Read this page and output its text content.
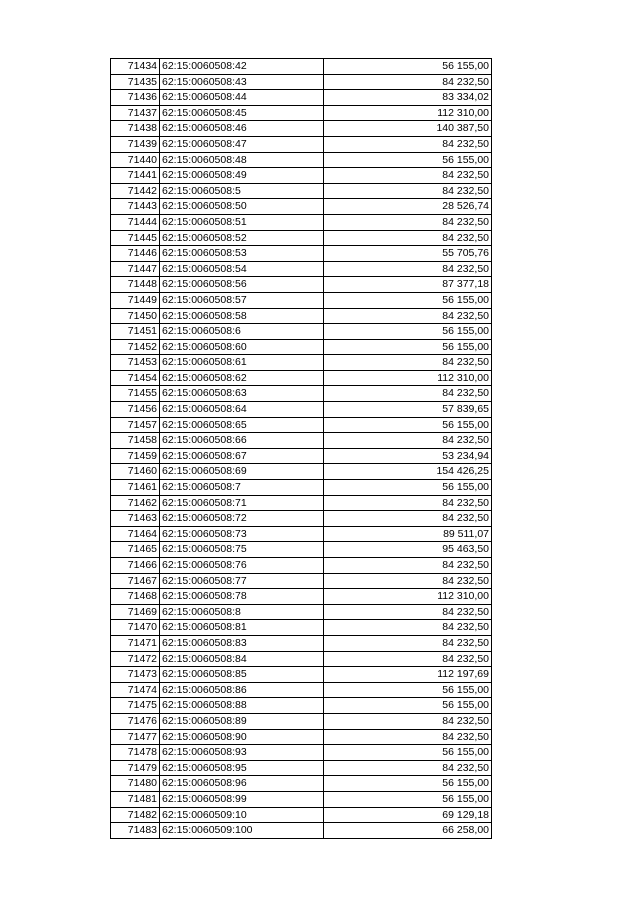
71434	62:15:0060508:42	56 155,00
71435	62:15:0060508:43	84 232,50
71436	62:15:0060508:44	83 334,02
71437	62:15:0060508:45	112 310,00
71438	62:15:0060508:46	140 387,50
71439	62:15:0060508:47	84 232,50
71440	62:15:0060508:48	56 155,00
71441	62:15:0060508:49	84 232,50
71442	62:15:0060508:5	84 232,50
71443	62:15:0060508:50	28 526,74
71444	62:15:0060508:51	84 232,50
71445	62:15:0060508:52	84 232,50
71446	62:15:0060508:53	55 705,76
71447	62:15:0060508:54	84 232,50
71448	62:15:0060508:56	87 377,18
71449	62:15:0060508:57	56 155,00
71450	62:15:0060508:58	84 232,50
71451	62:15:0060508:6	56 155,00
71452	62:15:0060508:60	56 155,00
71453	62:15:0060508:61	84 232,50
71454	62:15:0060508:62	112 310,00
71455	62:15:0060508:63	84 232,50
71456	62:15:0060508:64	57 839,65
71457	62:15:0060508:65	56 155,00
71458	62:15:0060508:66	84 232,50
71459	62:15:0060508:67	53 234,94
71460	62:15:0060508:69	154 426,25
71461	62:15:0060508:7	56 155,00
71462	62:15:0060508:71	84 232,50
71463	62:15:0060508:72	84 232,50
71464	62:15:0060508:73	89 511,07
71465	62:15:0060508:75	95 463,50
71466	62:15:0060508:76	84 232,50
71467	62:15:0060508:77	84 232,50
71468	62:15:0060508:78	112 310,00
71469	62:15:0060508:8	84 232,50
71470	62:15:0060508:81	84 232,50
71471	62:15:0060508:83	84 232,50
71472	62:15:0060508:84	84 232,50
71473	62:15:0060508:85	112 197,69
71474	62:15:0060508:86	56 155,00
71475	62:15:0060508:88	56 155,00
71476	62:15:0060508:89	84 232,50
71477	62:15:0060508:90	84 232,50
71478	62:15:0060508:93	56 155,00
71479	62:15:0060508:95	84 232,50
71480	62:15:0060508:96	56 155,00
71481	62:15:0060508:99	56 155,00
71482	62:15:0060509:10	69 129,18
71483	62:15:0060509:100	66 258,00
